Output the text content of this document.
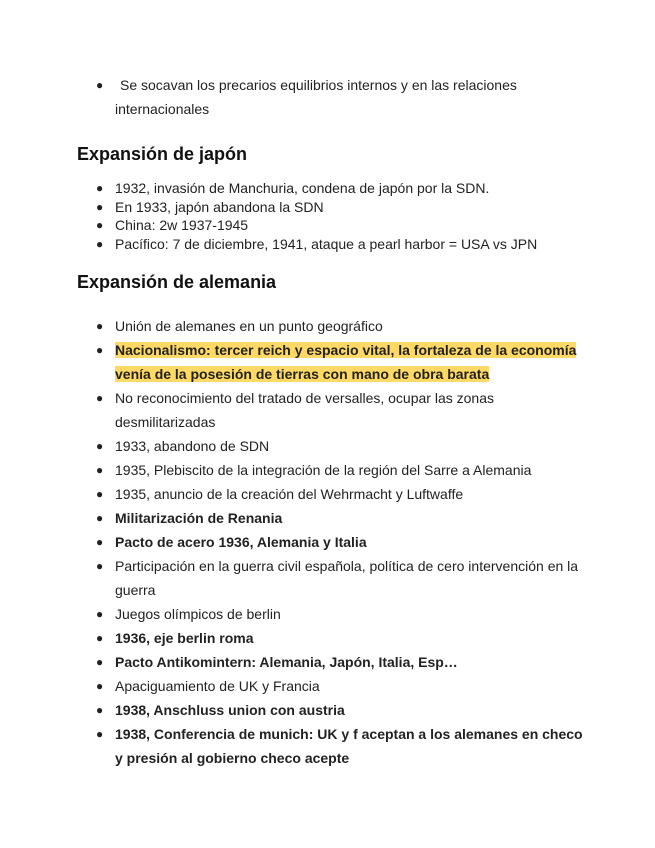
● Se socavan los precarios equilibrios internos y en las relaciones internacionales
Expansión de japón
● 1932, invasión de Manchuria, condena de japón por la SDN.
● En 1933, japón abandona la SDN
● China: 2w 1937-1945
● Pacífico: 7 de diciembre, 1941, ataque a pearl harbor = USA vs JPN
Expansión de alemania
● Unión de alemanes en un punto geográfico
● Nacionalismo: tercer reich y espacio vital, la fortaleza de la economía venía de la posesión de tierras con mano de obra barata
● No reconocimiento del tratado de versalles, ocupar las zonas desmilitarizadas
● 1933, abandono de SDN
● 1935, Plebiscito de la integración de la región del Sarre a Alemania
● 1935, anuncio de la creación del Wehrmacht y Luftwaffe
● Militarización de Renania
● Pacto de acero 1936, Alemania y Italia
● Participación en la guerra civil española, política de cero intervención en la guerra
● Juegos olímpicos de berlin
● 1936, eje berlin roma
● Pacto Antikomintern: Alemania, Japón, Italia, Esp…
● Apaciguamiento de UK y Francia
● 1938, Anschluss union con austria
● 1938, Conferencia de munich: UK y f aceptan a los alemanes en checo y presión al gobierno checo acepte
